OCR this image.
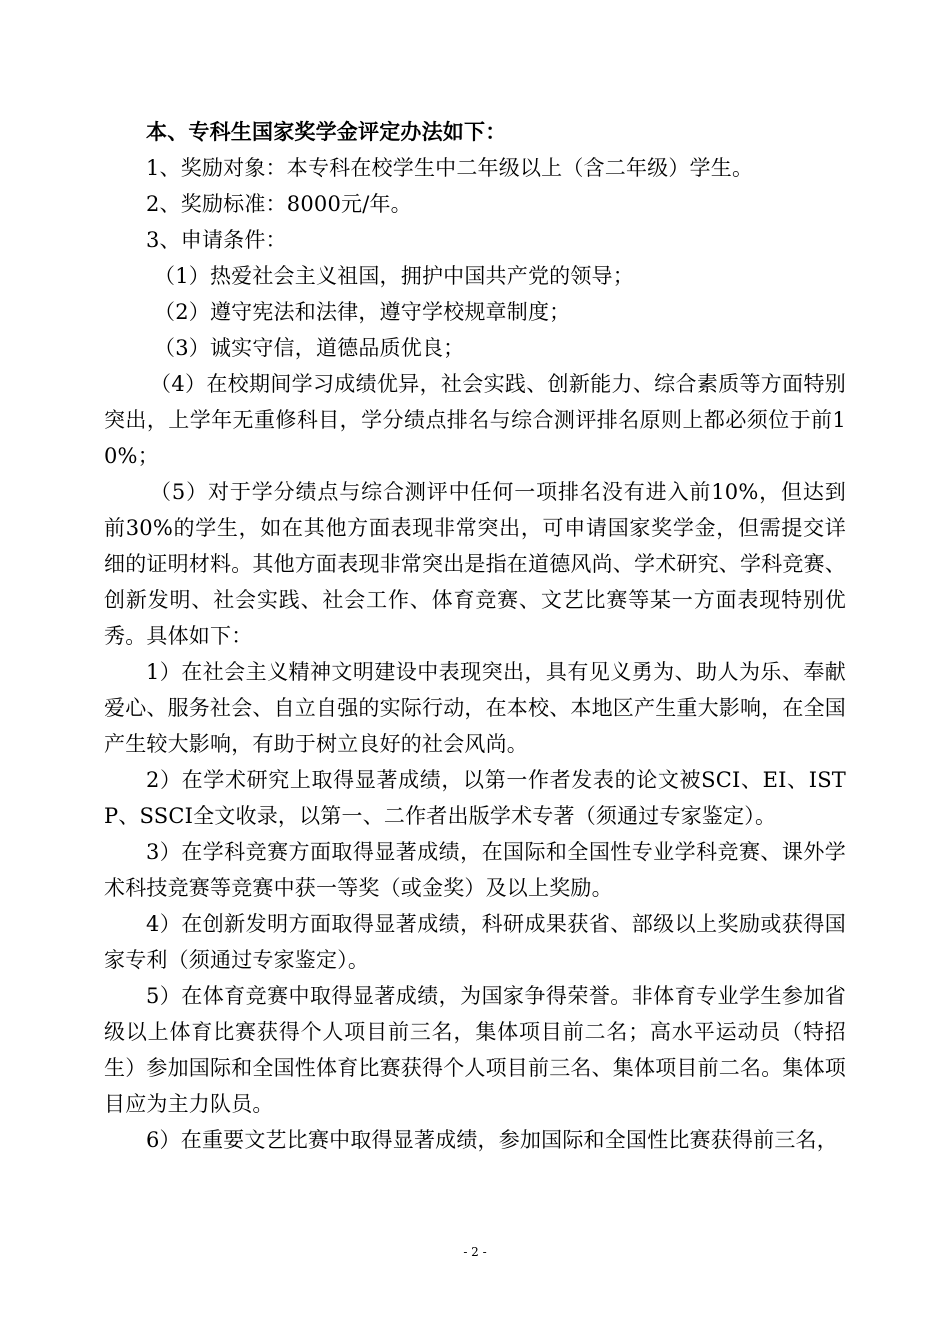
本、专科生国家奖学金评定办法如下：

1、奖励对象：本专科在校学生中二年级以上（含二年级）学生。

2、奖励标准：8000元/年。

3、申请条件：

（1）热爱社会主义祖国，拥护中国共产党的领导；

（2）遵守宪法和法律，遵守学校规章制度；

（3）诚实守信，道德品质优良；

（4）在校期间学习成绩优异，社会实践、创新能力、综合素质等方面特别突出，上学年无重修科目，学分绩点排名与综合测评排名原则上都必须位于前10%；

（5）对于学分绩点与综合测评中任何一项排名没有进入前10%，但达到前30%的学生，如在其他方面表现非常突出，可申请国家奖学金，但需提交详细的证明材料。其他方面表现非常突出是指在道德风尚、学术研究、学科竞赛、创新发明、社会实践、社会工作、体育竞赛、文艺比赛等某一方面表现特别优秀。具体如下：

1）在社会主义精神文明建设中表现突出，具有见义勇为、助人为乐、奉献爱心、服务社会、自立自强的实际行动，在本校、本地区产生重大影响，在全国产生较大影响，有助于树立良好的社会风尚。

2）在学术研究上取得显著成绩，以第一作者发表的论文被SCI、EI、ISTP、SSCI全文收录，以第一、二作者出版学术专著（须通过专家鉴定）。

3）在学科竞赛方面取得显著成绩，在国际和全国性专业学科竞赛、课外学术科技竞赛等竞赛中获一等奖（或金奖）及以上奖励。

4）在创新发明方面取得显著成绩，科研成果获省、部级以上奖励或获得国家专利（须通过专家鉴定）。

5）在体育竞赛中取得显著成绩，为国家争得荣誉。非体育专业学生参加省级以上体育比赛获得个人项目前三名，集体项目前二名；高水平运动员（特招生）参加国际和全国性体育比赛获得个人项目前三名、集体项目前二名。集体项目应为主力队员。

6）在重要文艺比赛中取得显著成绩，参加国际和全国性比赛获得前三名，

- 2 -
